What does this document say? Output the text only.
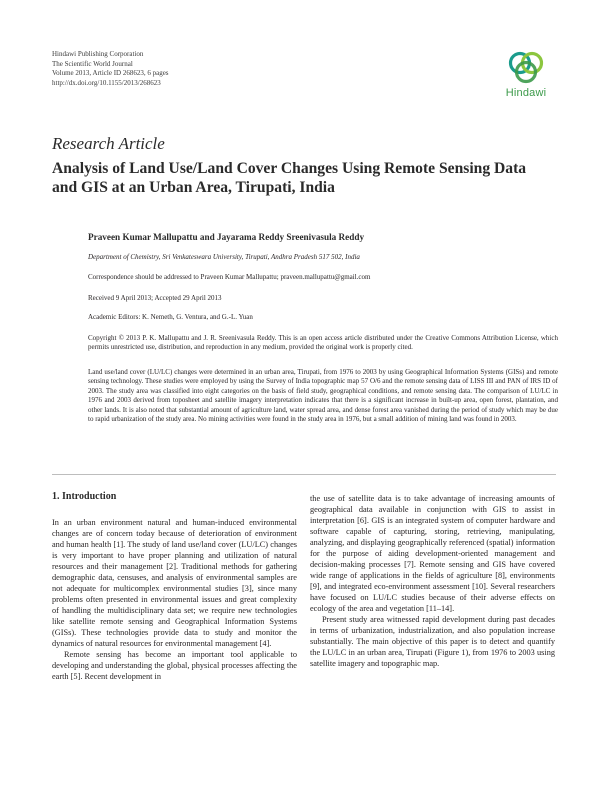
Hindawi Publishing Corporation
The Scientific World Journal
Volume 2013, Article ID 268623, 6 pages
http://dx.doi.org/10.1155/2013/268623
Hindawi
Research Article
Analysis of Land Use/Land Cover Changes Using Remote Sensing Data and GIS at an Urban Area, Tirupati, India
Praveen Kumar Mallupattu and Jayarama Reddy Sreenivasula Reddy
Department of Chemistry, Sri Venkateswara University, Tirupati, Andhra Pradesh 517 502, India
Correspondence should be addressed to Praveen Kumar Mallupattu; praveen.mallupattu@gmail.com
Received 9 April 2013; Accepted 29 April 2013
Academic Editors: K. Nemeth, G. Ventura, and G.-L. Yuan
Copyright © 2013 P. K. Mallupattu and J. R. Sreenivasula Reddy. This is an open access article distributed under the Creative Commons Attribution License, which permits unrestricted use, distribution, and reproduction in any medium, provided the original work is properly cited.
Land use/land cover (LU/LC) changes were determined in an urban area, Tirupati, from 1976 to 2003 by using Geographical Information Systems (GISs) and remote sensing technology. These studies were employed by using the Survey of India topographic map 57 O/6 and the remote sensing data of LISS III and PAN of IRS ID of 2003. The study area was classified into eight categories on the basis of field study, geographical conditions, and remote sensing data. The comparison of LU/LC in 1976 and 2003 derived from toposheet and satellite imagery interpretation indicates that there is a significant increase in built-up area, open forest, plantation, and other lands. It is also noted that substantial amount of agriculture land, water spread area, and dense forest area vanished during the period of study which may be due to rapid urbanization of the study area. No mining activities were found in the study area in 1976, but a small addition of mining land was found in 2003.
1. Introduction

In an urban environment natural and human-induced environmental changes are of concern today because of deterioration of environment and human health [1]. The study of land use/land cover (LU/LC) changes is very important to have proper planning and utilization of natural resources and their management [2]. Traditional methods for gathering demographic data, censuses, and analysis of environmental samples are not adequate for multicomplex environmental studies [3], since many problems often presented in environmental issues and great complexity of handling the multidisciplinary data set; we require new technologies like satellite remote sensing and Geographical Information Systems (GISs). These technologies provide data to study and monitor the dynamics of natural resources for environmental management [4].

Remote sensing has become an important tool applicable to developing and understanding the global, physical processes affecting the earth [5]. Recent development in

the use of satellite data is to take advantage of increasing amounts of geographical data available in conjunction with GIS to assist in interpretation [6]. GIS is an integrated system of computer hardware and software capable of capturing, storing, retrieving, manipulating, analyzing, and displaying geographically referenced (spatial) information for the purpose of aiding development-oriented management and decision-making processes [7]. Remote sensing and GIS have covered wide range of applications in the fields of agriculture [8], environments [9], and integrated eco-environment assessment [10]. Several researchers have focused on LU/LC studies because of their adverse effects on ecology of the area and vegetation [11–14].

Present study area witnessed rapid development during past decades in terms of urbanization, industrialization, and also population increase substantially. The main objective of this paper is to detect and quantify the LU/LC in an urban area, Tirupati (Figure 1), from 1976 to 2003 using satellite imagery and topographic map.
